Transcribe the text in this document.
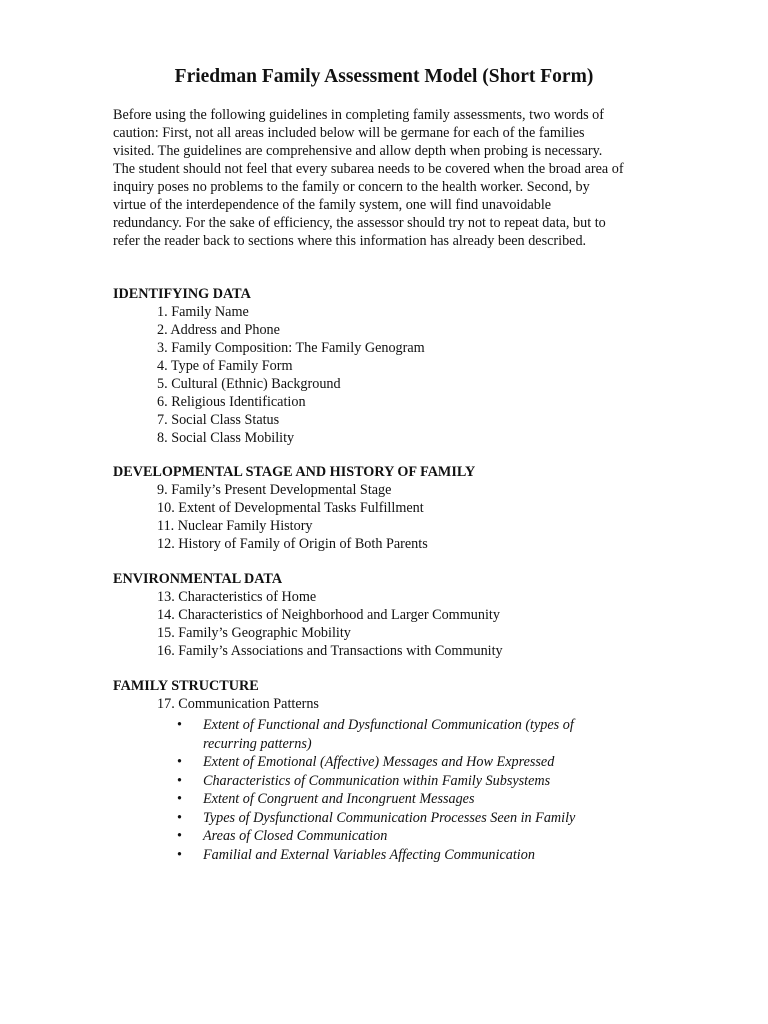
Friedman Family Assessment Model (Short Form)
Before using the following guidelines in completing family assessments, two words of
caution: First, not all areas included below will be germane for each of the families
visited. The guidelines are comprehensive and allow depth when probing is necessary.
The student should not feel that every subarea needs to be covered when the broad area of
inquiry poses no problems to the family or concern to the health worker. Second, by
virtue of the interdependence of the family system, one will find unavoidable
redundancy. For the sake of efficiency, the assessor should try not to repeat data, but to
refer the reader back to sections where this information has already been described.
IDENTIFYING DATA
1. Family Name
2. Address and Phone
3. Family Composition: The Family Genogram
4. Type of Family Form
5. Cultural (Ethnic) Background
6. Religious Identification
7. Social Class Status
8. Social Class Mobility
DEVELOPMENTAL STAGE AND HISTORY OF FAMILY
9. Family’s Present Developmental Stage
10. Extent of Developmental Tasks Fulfillment
11. Nuclear Family History
12. History of Family of Origin of Both Parents
ENVIRONMENTAL DATA
13. Characteristics of Home
14. Characteristics of Neighborhood and Larger Community
15. Family’s Geographic Mobility
16. Family’s Associations and Transactions with Community
FAMILY STRUCTURE
17. Communication Patterns
• Extent of Functional and Dysfunctional Communication (types of
recurring patterns)
• Extent of Emotional (Affective) Messages and How Expressed
• Characteristics of Communication within Family Subsystems
• Extent of Congruent and Incongruent Messages
• Types of Dysfunctional Communication Processes Seen in Family
• Areas of Closed Communication
• Familial and External Variables Affecting Communication
